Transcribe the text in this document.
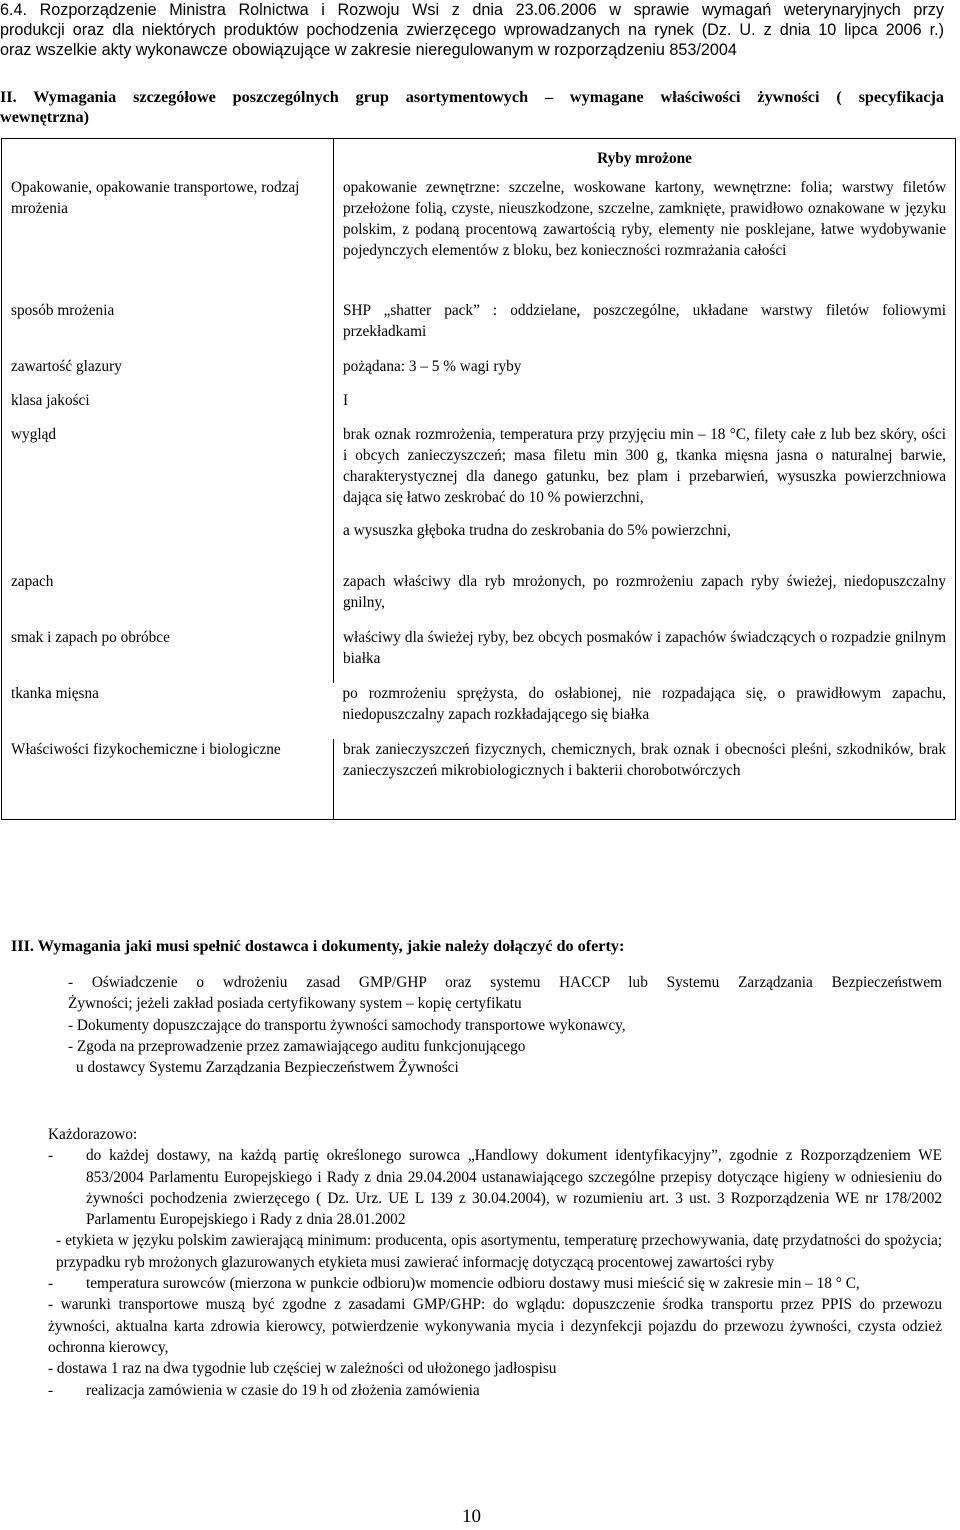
6.4. Rozporządzenie Ministra Rolnictwa i Rozwoju Wsi z dnia 23.06.2006 w sprawie wymagań weterynaryjnych przy
produkcji oraz dla niektórych produktów pochodzenia zwierzęcego wprowadzanych na rynek (Dz. U. z dnia 10 lipca 2006 r.)
oraz wszelkie akty wykonawcze obowiązujące w zakresie nieregulowanym w rozporządzeniu 853/2004
II. Wymagania szczegółowe poszczególnych grup asortymentowych – wymagane właściwości żywności ( specyfikacja
wewnętrzna)
	Ryby mrożone
Opakowanie, opakowanie transportowe, rodzaj mrożenia	opakowanie zewnętrzne: szczelne, woskowane kartony, wewnętrzne: folia; warstwy filetów przełożone folią, czyste, nieuszkodzone, szczelne, zamknięte, prawidłowo oznakowane w języku polskim, z podaną procentową zawartością ryby, elementy nie posklejane, łatwe wydobywanie pojedynczych elementów z bloku, bez konieczności rozmrażania całości
sposób mrożenia	SHP „shatter pack” : oddzielane, poszczególne, układane warstwy filetów foliowymi przekładkami
zawartość glazury	pożądana: 3 – 5 % wagi ryby
klasa jakości	I
wygląd	brak oznak rozmrożenia, temperatura przy przyjęciu min – 18 °C, filety całe z lub bez skóry, ości i obcych zanieczyszczeń; masa filetu min 300 g, tkanka mięsna jasna o naturalnej barwie, charakterystycznej dla danego gatunku, bez plam i przebarwień, wysuszka powierzchniowa dająca się łatwo zeskrobać do 10 % powierzchni,
a wysuszka głęboka trudna do zeskrobania do 5% powierzchni,

zapach	zapach właściwy dla ryb mrożonych, po rozmrożeniu zapach ryby świeżej, niedopuszczalny gnilny,
smak i zapach po obróbce	właściwy dla świeżej ryby, bez obcych posmaków i zapachów świadczących o rozpadzie gnilnym białka
tkanka mięsna	po rozmrożeniu sprężysta, do osłabionej, nie rozpadająca się, o prawidłowym zapachu, niedopuszczalny zapach rozkładającego się białka
Właściwości fizykochemiczne i biologiczne	brak zanieczyszczeń fizycznych, chemicznych, brak oznak i obecności pleśni, szkodników, brak zanieczyszczeń mikrobiologicznych i bakterii chorobotwórczych
III. Wymagania jaki musi spełnić dostawca i dokumenty, jakie należy dołączyć do oferty:
- Oświadczenie o wdrożeniu zasad GMP/GHP oraz systemu HACCP lub Systemu Zarządzania Bezpieczeństwem
Żywności; jeżeli zakład posiada certyfikowany system – kopię certyfikatu
- Dokumenty dopuszczające do transportu żywności samochody transportowe wykonawcy,
- Zgoda na przeprowadzenie przez zamawiającego auditu funkcjonującego
u dostawcy Systemu Zarządzania Bezpieczeństwem Żywności
Każdorazowo:
- do każdej dostawy, na każdą partię określonego surowca „Handlowy dokument identyfikacyjny”, zgodnie z Rozporządzeniem WE 853/2004 Parlamentu Europejskiego i Rady z dnia 29.04.2004 ustanawiającego szczególne przepisy dotyczące higieny w odniesieniu do żywności pochodzenia zwierzęcego ( Dz. Urz. UE L 139 z 30.04.2004), w rozumieniu art. 3 ust. 3 Rozporządzenia WE nr 178/2002 Parlamentu Europejskiego i Rady z dnia 28.01.2002
- etykieta w języku polskim zawierającą minimum: producenta, opis asortymentu, temperaturę przechowywania, datę przydatności do spożycia; przypadku ryb mrożonych glazurowanych etykieta musi zawierać informację dotyczącą procentowej zawartości ryby
- temperatura surowców (mierzona w punkcie odbioru)w momencie odbioru dostawy musi mieścić się w zakresie min – 18 ° C,
- warunki transportowe muszą być zgodne z zasadami GMP/GHP: do wglądu: dopuszczenie środka transportu przez PPIS do przewozu żywności, aktualna karta zdrowia kierowcy, potwierdzenie wykonywania mycia i dezynfekcji pojazdu do przewozu żywności, czysta odzież ochronna kierowcy,
- dostawa 1 raz na dwa tygodnie lub częściej w zależności od ułożonego jadłospisu
- realizacja zamówienia w czasie do 19 h od złożenia zamówienia
10
